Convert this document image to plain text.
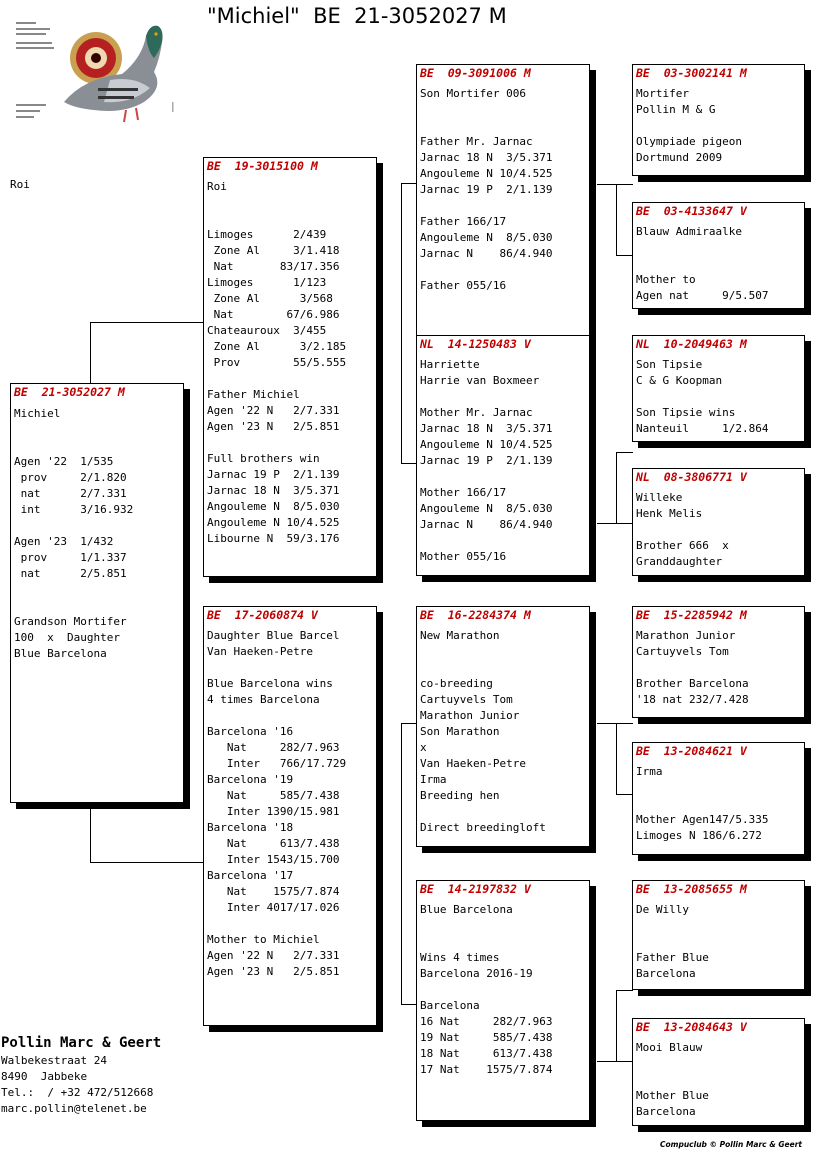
"Michiel"  BE  21-3052027 M
Roi
BE  21-3052027 M
Michiel

Agen '22  1/535
prov     2/1.820
nat      2/7.331
int      3/16.932

Agen '23  1/432
prov     1/1.337
nat      2/5.851

Grandson Mortifer
100  x  Daughter
Blue Barcelona
BE  19-3015100 M
Roi

Limoges      2/439
Zone Al     3/1.418
Nat       83/17.356
Limoges      1/123
Zone Al      3/568
Nat        67/6.986
Chateauroux  3/455
Zone Al      3/2.185
Prov        55/5.555

Father Michiel
Agen '22 N   2/7.331
Agen '23 N   2/5.851

Full brothers win
Jarnac 19 P  2/1.139
Jarnac 18 N  3/5.371
Angouleme N  8/5.030
Angouleme N 10/4.525
Libourne N  59/3.176
BE  17-2060874 V
Daughter Blue Barcel
Van Haeken-Petre

Blue Barcelona wins
4 times Barcelona

Barcelona '16
Nat     282/7.963
Inter   766/17.729
Barcelona '19
Nat     585/7.438
Inter 1390/15.981
Barcelona '18
Nat     613/7.438
Inter 1543/15.700
Barcelona '17
Nat    1575/7.874
Inter 4017/17.026

Mother to Michiel
Agen '22 N   2/7.331
Agen '23 N   2/5.851
BE  09-3091006 M
Son Mortifer 006

Father Mr. Jarnac
Jarnac 18 N  3/5.371
Angouleme N 10/4.525
Jarnac 19 P  2/1.139

Father 166/17
Angouleme N  8/5.030
Jarnac N    86/4.940

Father 055/16
NL  14-1250483 V
Harriette
Harrie van Boxmeer

Mother Mr. Jarnac
Jarnac 18 N  3/5.371
Angouleme N 10/4.525
Jarnac 19 P  2/1.139

Mother 166/17
Angouleme N  8/5.030
Jarnac N    86/4.940

Mother 055/16
BE  16-2284374 M
New Marathon

co-breeding
Cartuyvels Tom
Marathon Junior
Son Marathon
x
Van Haeken-Petre
Irma
Breeding hen

Direct breedingloft
BE  14-2197832 V
Blue Barcelona

Wins 4 times
Barcelona 2016-19

Barcelona
16 Nat     282/7.963
19 Nat     585/7.438
18 Nat     613/7.438
17 Nat    1575/7.874
BE  03-3002141 M
Mortifer
Pollin M & G

Olympiade pigeon
Dortmund 2009
BE  03-4133647 V
Blauw Admiraalke

Mother to
Agen nat     9/5.507
NL  10-2049463 M
Son Tipsie
C & G Koopman

Son Tipsie wins
Nanteuil     1/2.864
NL  08-3806771 V
Willeke
Henk Melis

Brother 666  x
Granddaughter
BE  15-2285942 M
Marathon Junior
Cartuyvels Tom

Brother Barcelona
'18 nat 232/7.428
BE  13-2084621 V
Irma

Mother Agen147/5.335
Limoges N 186/6.272
BE  13-2085655 M
De Willy

Father Blue
Barcelona
BE  13-2084643 V
Mooi Blauw

Mother Blue
Barcelona
Pollin Marc & Geert
Walbekestraat 24
8490  Jabbeke
Tel.:  / +32 472/512668
marc.pollin@telenet.be
Compuclub © Pollin Marc & Geert
